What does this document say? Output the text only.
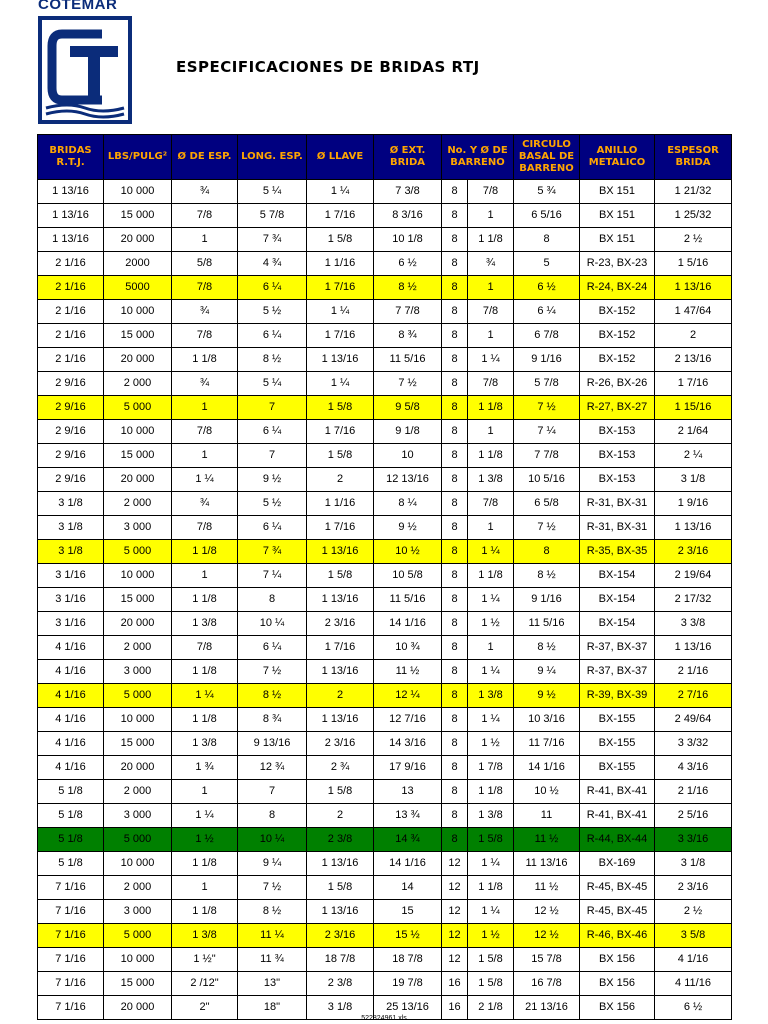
COTEMAR
ESPECIFICACIONES DE BRIDAS RTJ
BRIDAS R.T.J.	LBS/PULG²	Ø DE ESP.	LONG. ESP.	Ø LLAVE	Ø EXT. BRIDA	No. Y Ø DE BARRENO		CIRCULO BASAL DE BARRENO	ANILLO METALICO	ESPESOR BRIDA
1 13/16	10 000	¾	5 ¼	1 ¼	7 3/8	8	7/8	5 ¾	BX 151	1 21/32
1 13/16	15 000	7/8	5 7/8	1 7/16	8 3/16	8	1	6 5/16	BX 151	1 25/32
1 13/16	20 000	1	7 ¾	1 5/8	10 1/8	8	1 1/8	8	BX 151	2 ½
2 1/16	2000	5/8	4 ¾	1 1/16	6 ½	8	¾	5	R-23, BX-23	1 5/16
2 1/16	5000	7/8	6 ¼	1 7/16	8 ½	8	1	6 ½	R-24, BX-24	1 13/16
2 1/16	10 000	¾	5 ½	1 ¼	7 7/8	8	7/8	6 ¼	BX-152	1 47/64
2 1/16	15 000	7/8	6 ¼	1 7/16	8 ¾	8	1	6 7/8	BX-152	2
2 1/16	20 000	1 1/8	8 ½	1 13/16	11 5/16	8	1 ¼	9 1/16	BX-152	2 13/16
2 9/16	2 000	¾	5 ¼	1 ¼	7 ½	8	7/8	5 7/8	R-26, BX-26	1 7/16
2 9/16	5 000	1	7	1 5/8	9 5/8	8	1 1/8	7 ½	R-27, BX-27	1 15/16
2 9/16	10 000	7/8	6 ¼	1 7/16	9 1/8	8	1	7 ¼	BX-153	2 1/64
2 9/16	15 000	1	7	1 5/8	10	8	1 1/8	7 7/8	BX-153	2 ¼
2 9/16	20 000	1 ¼	9 ½	2	12 13/16	8	1 3/8	10 5/16	BX-153	3 1/8
3 1/8	2 000	¾	5 ½	1 1/16	8 ¼	8	7/8	6 5/8	R-31, BX-31	1 9/16
3 1/8	3 000	7/8	6 ¼	1 7/16	9 ½	8	1	7 ½	R-31, BX-31	1 13/16
3 1/8	5 000	1 1/8	7 ¾	1 13/16	10 ½	8	1 ¼	8	R-35, BX-35	2 3/16
3 1/16	10 000	1	7 ¼	1 5/8	10 5/8	8	1 1/8	8 ½	BX-154	2 19/64
3 1/16	15 000	1 1/8	8	1 13/16	11 5/16	8	1 ¼	9 1/16	BX-154	2 17/32
3 1/16	20 000	1 3/8	10 ¼	2 3/16	14 1/16	8	1 ½	11 5/16	BX-154	3 3/8
4 1/16	2 000	7/8	6 ¼	1 7/16	10 ¾	8	1	8 ½	R-37, BX-37	1 13/16
4 1/16	3 000	1 1/8	7 ½	1 13/16	11 ½	8	1 ¼	9 ¼	R-37, BX-37	2 1/16
4 1/16	5 000	1 ¼	8 ½	2	12 ¼	8	1 3/8	9 ½	R-39, BX-39	2 7/16
4 1/16	10 000	1 1/8	8 ¾	1 13/16	12 7/16	8	1 ¼	10 3/16	BX-155	2 49/64
4 1/16	15 000	1 3/8	9 13/16	2 3/16	14 3/16	8	1 ½	11 7/16	BX-155	3 3/32
4 1/16	20 000	1 ¾	12 ¾	2 ¾	17 9/16	8	1 7/8	14 1/16	BX-155	4 3/16
5 1/8	2 000	1	7	1 5/8	13	8	1 1/8	10 ½	R-41, BX-41	2 1/16
5 1/8	3 000	1 ¼	8	2	13 ¾	8	1 3/8	11	R-41, BX-41	2 5/16
5 1/8	5 000	1 ½	10 ¼	2 3/8	14 ¾	8	1 5/8	11 ½	R-44, BX-44	3 3/16
5 1/8	10 000	1 1/8	9 ¼	1 13/16	14 1/16	12	1 ¼	11 13/16	BX-169	3 1/8
7 1/16	2 000	1	7 ½	1 5/8	14	12	1 1/8	11 ½	R-45, BX-45	2 3/16
7 1/16	3 000	1 1/8	8 ½	1 13/16	15	12	1 ¼	12 ½	R-45, BX-45	2 ½
7 1/16	5 000	1 3/8	11 ¼	2 3/16	15 ½	12	1 ½	12 ½	R-46, BX-46	3 5/8
7 1/16	10 000	1 ½"	11 ¾	18 7/8	18 7/8	12	1 5/8	15 7/8	BX 156	4 1/16
7 1/16	15 000	2 /12"	13"	2 3/8	19 7/8	16	1 5/8	16 7/8	BX 156	4 11/16
7 1/16	20 000	2"	18"	3 1/8	25 13/16	16	2 1/8	21 13/16	BX 156	6 ½
522824961.xls
